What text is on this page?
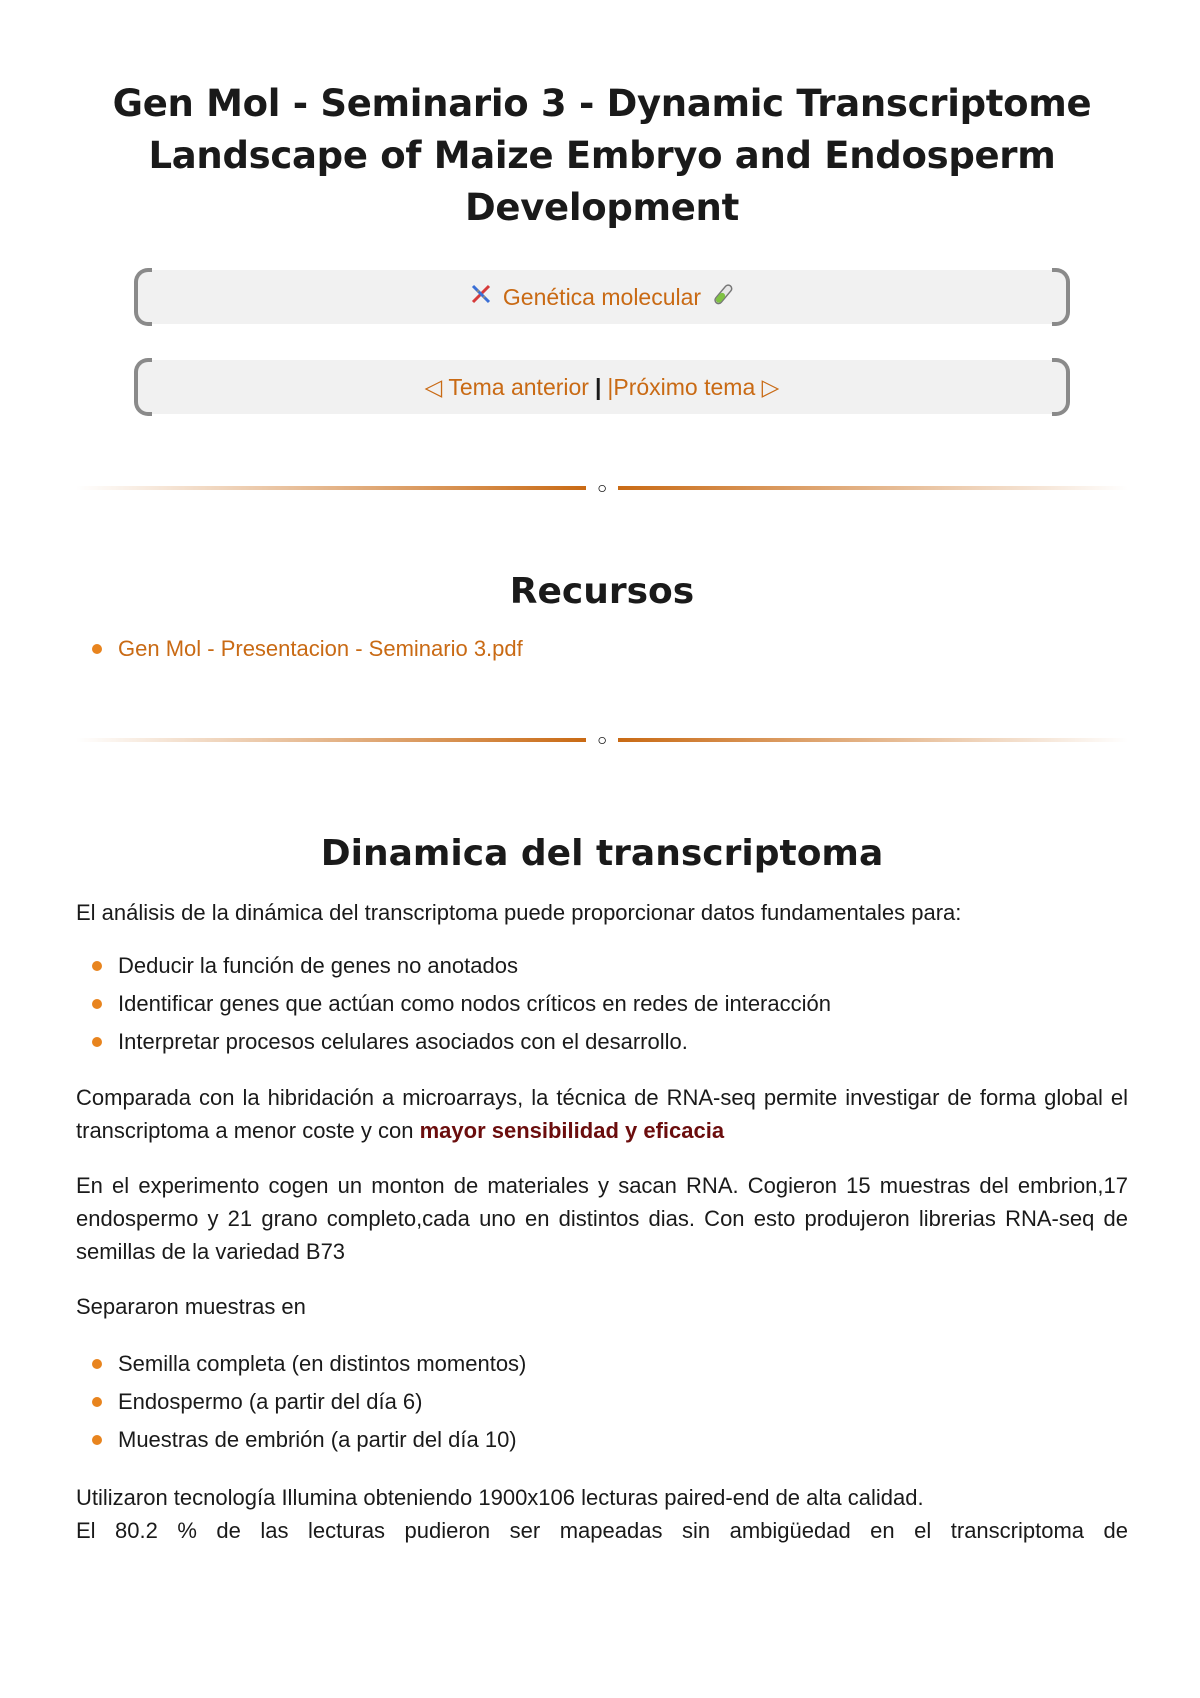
Gen Mol - Seminario 3 - Dynamic Transcriptome Landscape of Maize Embryo and Endosperm Development
Genética molecular
◁ Tema anterior | |Próximo tema ▷
ဝ
Recursos
Gen Mol - Presentacion - Seminario 3.pdf
ဝ
Dinamica del transcriptoma

El análisis de la dinámica del transcriptoma puede proporcionar datos fundamentales para:

Deducir la función de genes no anotados
Identificar genes que actúan como nodos críticos en redes de interacción
Interpretar procesos celulares asociados con el desarrollo.

Comparada con la hibridación a microarrays, la técnica de RNA-seq permite investigar de forma global el transcriptoma a menor coste y con mayor sensibilidad y eficacia

En el experimento cogen un monton de materiales y sacan RNA. Cogieron 15 muestras del embrion,17 endospermo y 21 grano completo,cada uno en distintos dias. Con esto produjeron librerias RNA-seq de semillas de la variedad B73

Separaron muestras en

Semilla completa (en distintos momentos)
Endospermo (a partir del día 6)
Muestras de embrión (a partir del día 10)

Utilizaron tecnología Illumina obteniendo 1900x106 lecturas paired-end de alta calidad.

El 80.2 % de las lecturas pudieron ser mapeadas sin ambigüedad en el transcriptoma de
